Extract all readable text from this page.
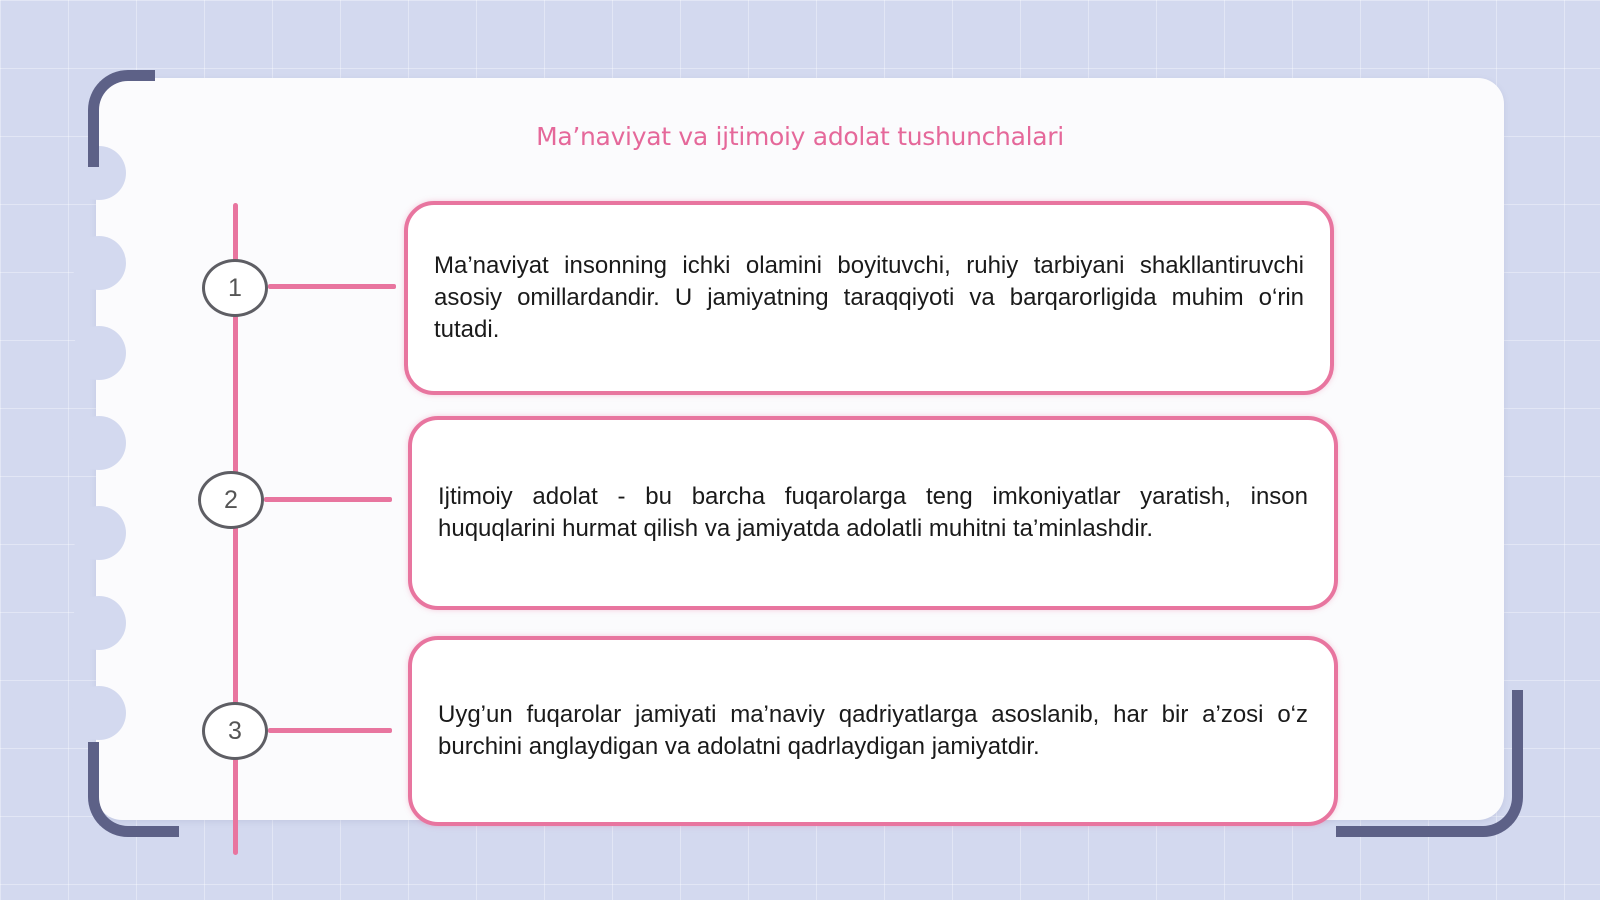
Ma’naviyat va ijtimoiy adolat tushunchalari
1
Ma’naviyat insonning ichki olamini boyituvchi, ruhiy tarbiyani shakllantiruvchi asosiy omillardandir. U jamiyatning taraqqiyoti va barqarorligida muhim o‘rin tutadi.
2	Ijtimoiy adolat - bu barcha fuqarolarga teng imkoniyatlar yaratish, inson huquqlarini hurmat qilish va jamiyatda adolatli muhitni ta’minlashdir.
3
Uyg’un fuqarolar jamiyati ma’naviy qadriyatlarga asoslanib, har bir a’zosi o‘z burchini anglaydigan va adolatni qadrlaydigan jamiyatdir.
